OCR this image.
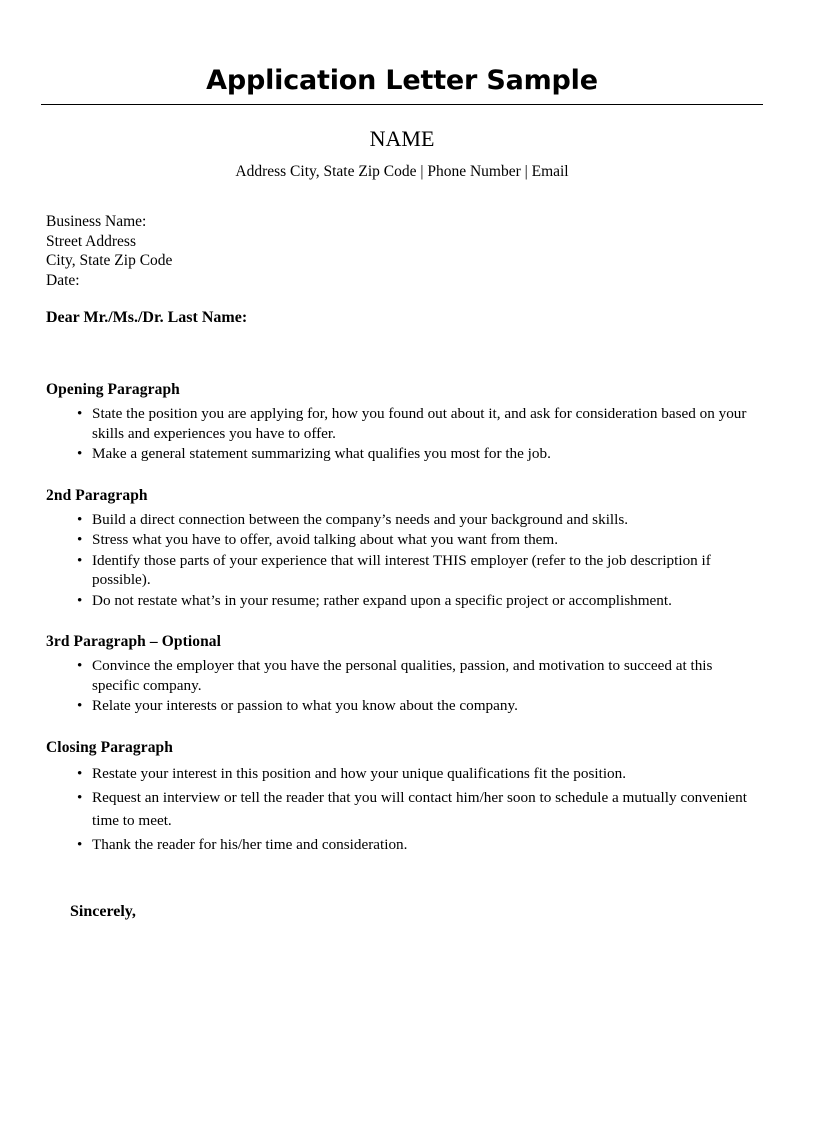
Application Letter Sample
NAME
Address City, State Zip Code | Phone Number | Email
Business Name:
Street Address
City, State Zip Code
Date:
Dear Mr./Ms./Dr. Last Name:
Opening Paragraph
• State the position you are applying for, how you found out about it, and ask for consideration based on your skills and experiences you have to offer.
• Make a general statement summarizing what qualifies you most for the job.
2nd Paragraph
• Build a direct connection between the company’s needs and your background and skills.
• Stress what you have to offer, avoid talking about what you want from them.
• Identify those parts of your experience that will interest THIS employer (refer to the job description if possible).
• Do not restate what’s in your resume; rather expand upon a specific project or accomplishment.
3rd Paragraph – Optional
• Convince the employer that you have the personal qualities, passion, and motivation to succeed at this specific company.
• Relate your interests or passion to what you know about the company.
Closing Paragraph
• Restate your interest in this position and how your unique qualifications fit the position.
• Request an interview or tell the reader that you will contact him/her soon to schedule a mutually convenient time to meet.
• Thank the reader for his/her time and consideration.
Sincerely,
